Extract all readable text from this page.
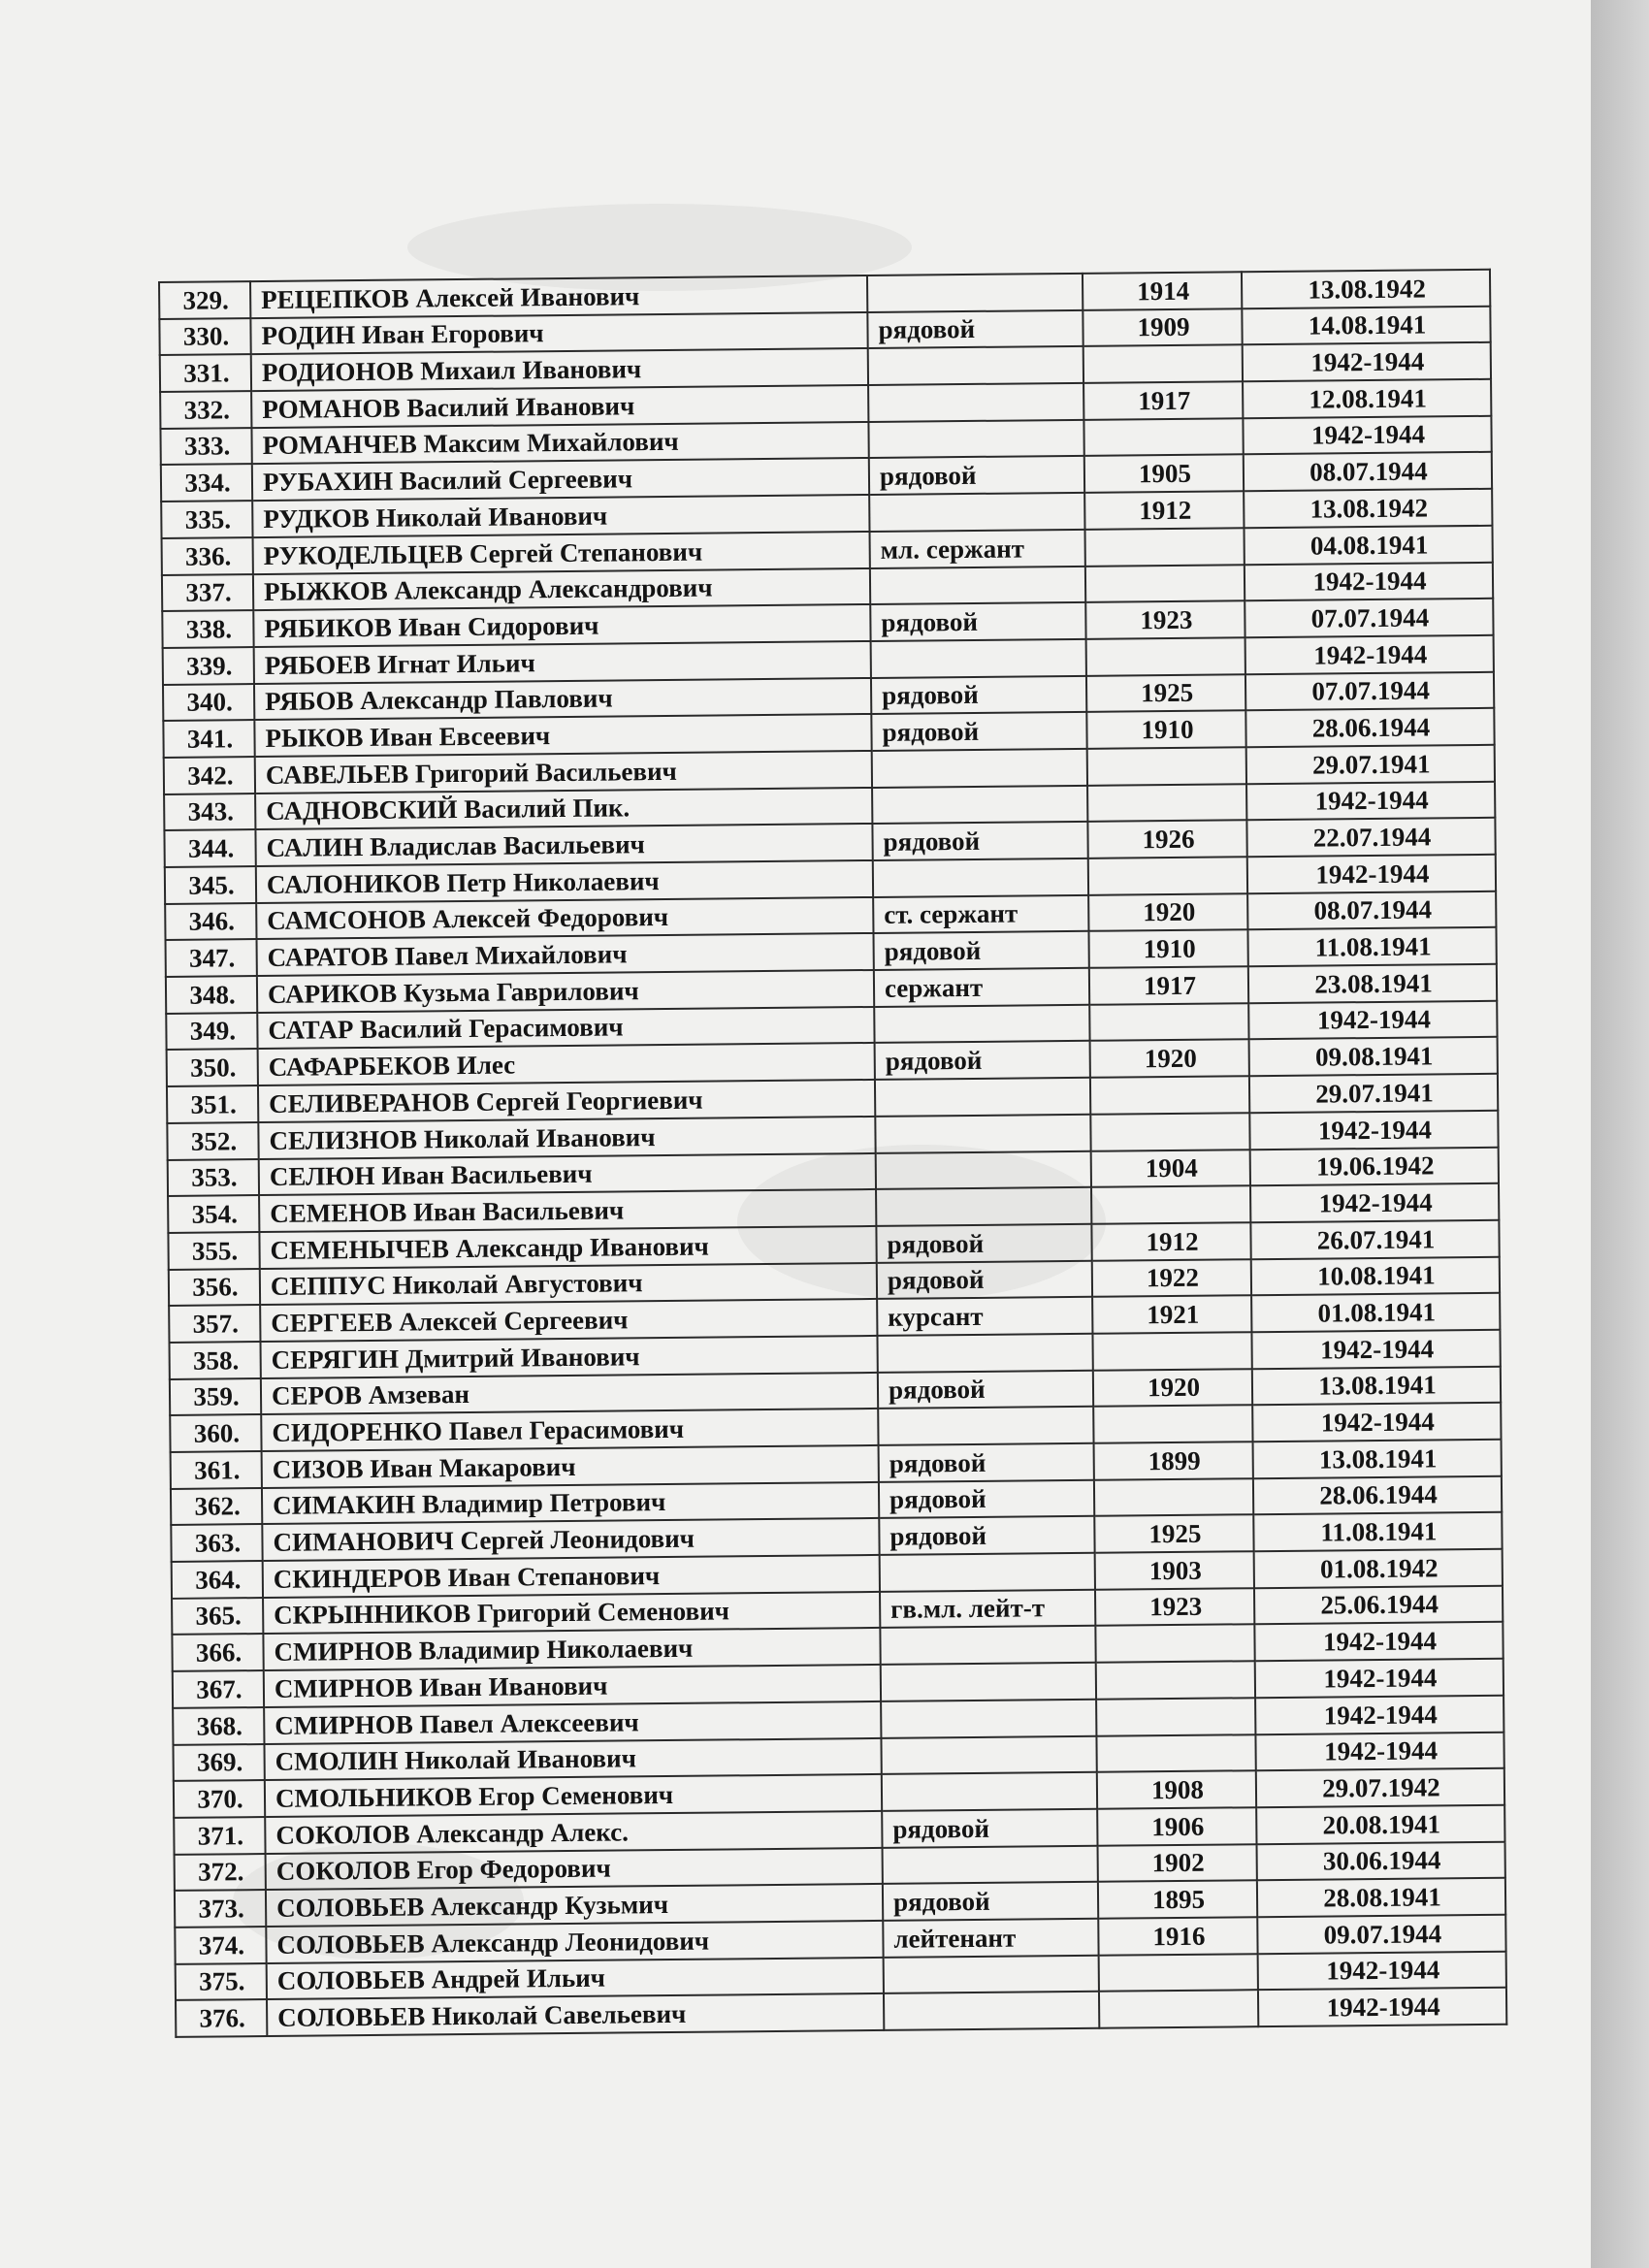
329.	РЕЦЕПКОВ Алексей Иванович		1914	13.08.1942
330.	РОДИН Иван Егорович	рядовой	1909	14.08.1941
331.	РОДИОНОВ Михаил Иванович			1942-1944
332.	РОМАНОВ Василий Иванович		1917	12.08.1941
333.	РОМАНЧЕВ Максим Михайлович			1942-1944
334.	РУБАХИН Василий Сергеевич	рядовой	1905	08.07.1944
335.	РУДКОВ Николай Иванович		1912	13.08.1942
336.	РУКОДЕЛЬЦЕВ Сергей Степанович	мл. сержант		04.08.1941
337.	РЫЖКОВ Александр Александрович			1942-1944
338.	РЯБИКОВ Иван Сидорович	рядовой	1923	07.07.1944
339.	РЯБОЕВ Игнат Ильич			1942-1944
340.	РЯБОВ Александр Павлович	рядовой	1925	07.07.1944
341.	РЫКОВ Иван Евсеевич	рядовой	1910	28.06.1944
342.	САВЕЛЬЕВ Григорий Васильевич			29.07.1941
343.	САДНОВСКИЙ Василий Пик.			1942-1944
344.	САЛИН Владислав Васильевич	рядовой	1926	22.07.1944
345.	САЛОНИКОВ Петр Николаевич			1942-1944
346.	САМСОНОВ Алексей Федорович	ст. сержант	1920	08.07.1944
347.	САРАТОВ Павел Михайлович	рядовой	1910	11.08.1941
348.	САРИКОВ Кузьма Гаврилович	сержант	1917	23.08.1941
349.	САТАР Василий Герасимович			1942-1944
350.	САФАРБЕКОВ Илес	рядовой	1920	09.08.1941
351.	СЕЛИВЕРАНОВ Сергей Георгиевич			29.07.1941
352.	СЕЛИЗНОВ Николай Иванович			1942-1944
353.	СЕЛЮН Иван Васильевич		1904	19.06.1942
354.	СЕМЕНОВ Иван Васильевич			1942-1944
355.	СЕМЕНЫЧЕВ Александр Иванович	рядовой	1912	26.07.1941
356.	СЕППУС Николай Августович	рядовой	1922	10.08.1941
357.	СЕРГЕЕВ Алексей Сергеевич	курсант	1921	01.08.1941
358.	СЕРЯГИН Дмитрий Иванович			1942-1944
359.	СЕРОВ Амзеван	рядовой	1920	13.08.1941
360.	СИДОРЕНКО Павел Герасимович			1942-1944
361.	СИЗОВ Иван Макарович	рядовой	1899	13.08.1941
362.	СИМАКИН Владимир Петрович	рядовой		28.06.1944
363.	СИМАНОВИЧ Сергей Леонидович	рядовой	1925	11.08.1941
364.	СКИНДЕРОВ Иван Степанович		1903	01.08.1942
365.	СКРЫННИКОВ Григорий Семенович	гв.мл. лейт-т	1923	25.06.1944
366.	СМИРНОВ Владимир Николаевич			1942-1944
367.	СМИРНОВ Иван Иванович			1942-1944
368.	СМИРНОВ Павел Алексеевич			1942-1944
369.	СМОЛИН Николай Иванович			1942-1944
370.	СМОЛЬНИКОВ Егор Семенович		1908	29.07.1942
371.	СОКОЛОВ Александр Алекс.	рядовой	1906	20.08.1941
372.	СОКОЛОВ Егор Федорович		1902	30.06.1944
373.	СОЛОВЬЕВ Александр Кузьмич	рядовой	1895	28.08.1941
374.	СОЛОВЬЕВ Александр Леонидович	лейтенант	1916	09.07.1944
375.	СОЛОВЬЕВ Андрей Ильич			1942-1944
376.	СОЛОВЬЕВ Николай Савельевич			1942-1944
